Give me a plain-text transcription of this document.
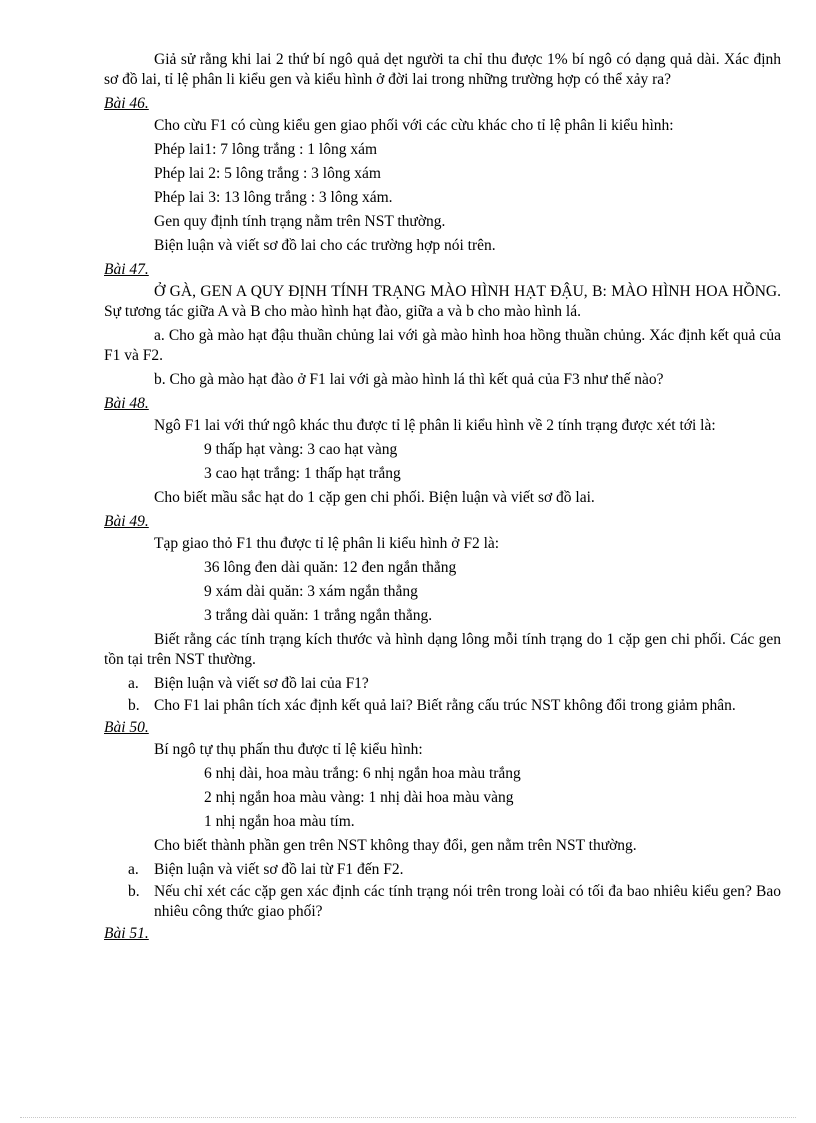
Giả sử rằng khi lai 2 thứ bí ngô quả dẹt người ta chỉ thu được 1% bí ngô có dạng quả dài. Xác định sơ đồ lai, tỉ lệ phân li kiểu gen và kiểu hình ở đời lai trong những trường hợp có thể xảy ra?

Bài 46.

Cho cừu F1 có cùng kiểu gen giao phối với các cừu khác cho tỉ lệ phân li kiểu hình:

Phép lai1: 7 lông trắng : 1 lông xám

Phép lai 2: 5 lông trắng : 3 lông xám

Phép lai 3: 13 lông trắng : 3 lông xám.

Gen quy định tính trạng nằm trên NST thường.

Biện luận và viết sơ đồ lai cho các trường hợp nói trên.

Bài 47.

Ở GÀ, GEN A QUY ĐỊNH TÍNH TRẠNG MÀO HÌNH HẠT ĐẬU, B: MÀO HÌNH HOA HỒNG. Sự tương tác giữa A và B cho mào hình hạt đào, giữa a và b cho mào hình lá.

a. Cho gà mào hạt đậu thuần chủng lai với gà mào hình hoa hồng thuần chủng. Xác định kết quả của F1 và F2.

b. Cho gà mào hạt đào ở F1 lai với gà mào hình lá thì kết quả của F3 như thế nào?

Bài 48.

Ngô F1 lai với thứ ngô khác thu được tỉ lệ phân li kiểu hình về 2 tính trạng được xét tới là:

9 thấp hạt vàng: 3 cao hạt vàng

3 cao hạt trắng: 1 thấp hạt trắng

Cho biết mầu sắc hạt do 1 cặp gen chi phối. Biện luận và viết sơ đồ lai.

Bài 49.

Tạp giao thỏ F1 thu được tỉ lệ phân li kiểu hình ở F2 là:

36 lông đen dài quăn: 12 đen ngắn thẳng

9 xám dài quăn: 3 xám ngắn thẳng

3 trắng dài quăn: 1 trắng ngắn thẳng.

Biết rằng các tính trạng kích thước và hình dạng lông mỗi tính trạng do 1 cặp gen chi phối. Các gen tồn tại trên NST thường.

a. Biện luận và viết sơ đồ lai của F1?
b. Cho F1 lai phân tích xác định kết quả lai? Biết rằng cấu trúc NST không đổi trong giảm phân.
Bài 50.

Bí ngô tự thụ phấn thu được tỉ lệ kiểu hình:

6 nhị dài, hoa màu trắng: 6 nhị ngắn hoa màu trắng

2 nhị ngắn hoa màu vàng: 1 nhị dài hoa màu vàng

1 nhị ngắn hoa màu tím.

Cho biết thành phần gen trên NST không thay đổi, gen nằm trên NST thường.

a. Biện luận và viết sơ đồ lai từ F1 đến F2.
b. Nếu chỉ xét các cặp gen xác định các tính trạng nói trên trong loài có tối đa bao nhiêu kiểu gen? Bao nhiêu công thức giao phối?
Bài 51.
